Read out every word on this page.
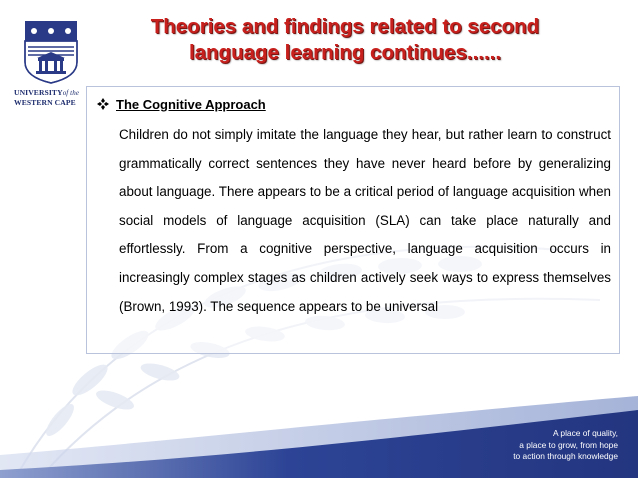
UNIVERSITYof the
WESTERN CAPE
Theories and findings related to second language learning continues......
The Cognitive Approach

Children do not simply imitate the language they hear, but rather learn to construct grammatically correct sentences they have never heard before by generalizing about language. There appears to be a critical period of language acquisition when social models of language acquisition (SLA) can take place naturally and effortlessly. From a cognitive perspective, language acquisition occurs in increasingly complex stages as children actively seek ways to express themselves (Brown, 1993). The sequence appears to be universal

A place of quality,
a place to grow, from hope
to action through knowledge
